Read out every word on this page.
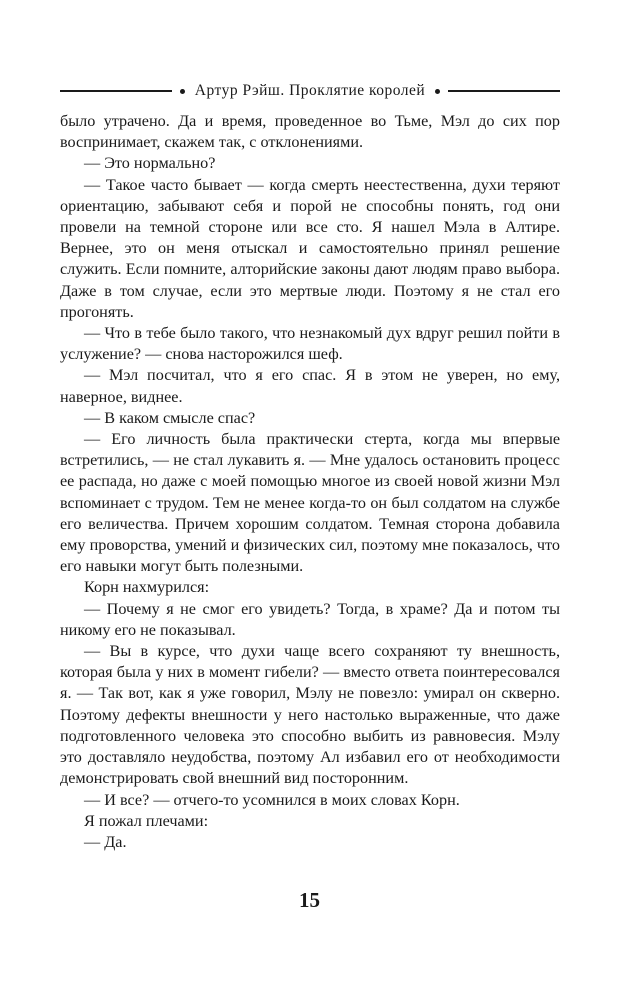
Артур Рэйш. Проклятие королей

было утрачено. Да и время, проведенное во Тьме, Мэл до сих пор воспринимает, скажем так, с отклонениями.

— Это нормально?

— Такое часто бывает — когда смерть неестественна, духи теряют ориентацию, забывают себя и порой не способны понять, год они провели на темной стороне или все сто. Я нашел Мэла в Алтире. Вернее, это он меня отыскал и самостоятельно принял решение служить. Если помните, алторийские законы дают людям право выбора. Даже в том случае, если это мертвые люди. Поэтому я не стал его прогонять.

— Что в тебе было такого, что незнакомый дух вдруг решил пойти в услужение? — снова насторожился шеф.

— Мэл посчитал, что я его спас. Я в этом не уверен, но ему, наверное, виднее.

— В каком смысле спас?

— Его личность была практически стерта, когда мы впервые встретились, — не стал лукавить я. — Мне удалось остановить процесс ее распада, но даже с моей помощью многое из своей новой жизни Мэл вспоминает с трудом. Тем не менее когда-то он был солдатом на службе его величества. Причем хорошим солдатом. Темная сторона добавила ему проворства, умений и физических сил, поэтому мне показалось, что его навыки могут быть полезными.

Корн нахмурился:

— Почему я не смог его увидеть? Тогда, в храме? Да и потом ты никому его не показывал.

— Вы в курсе, что духи чаще всего сохраняют ту внешность, которая была у них в момент гибели? — вместо ответа поинтересовался я. — Так вот, как я уже говорил, Мэлу не повезло: умирал он скверно. Поэтому дефекты внешности у него настолько выраженные, что даже подготовленного человека это способно выбить из равновесия. Мэлу это доставляло неудобства, поэтому Ал избавил его от необходимости демонстрировать свой внешний вид посторонним.

— И все? — отчего-то усомнился в моих словах Корн.

Я пожал плечами:

— Да.

15
